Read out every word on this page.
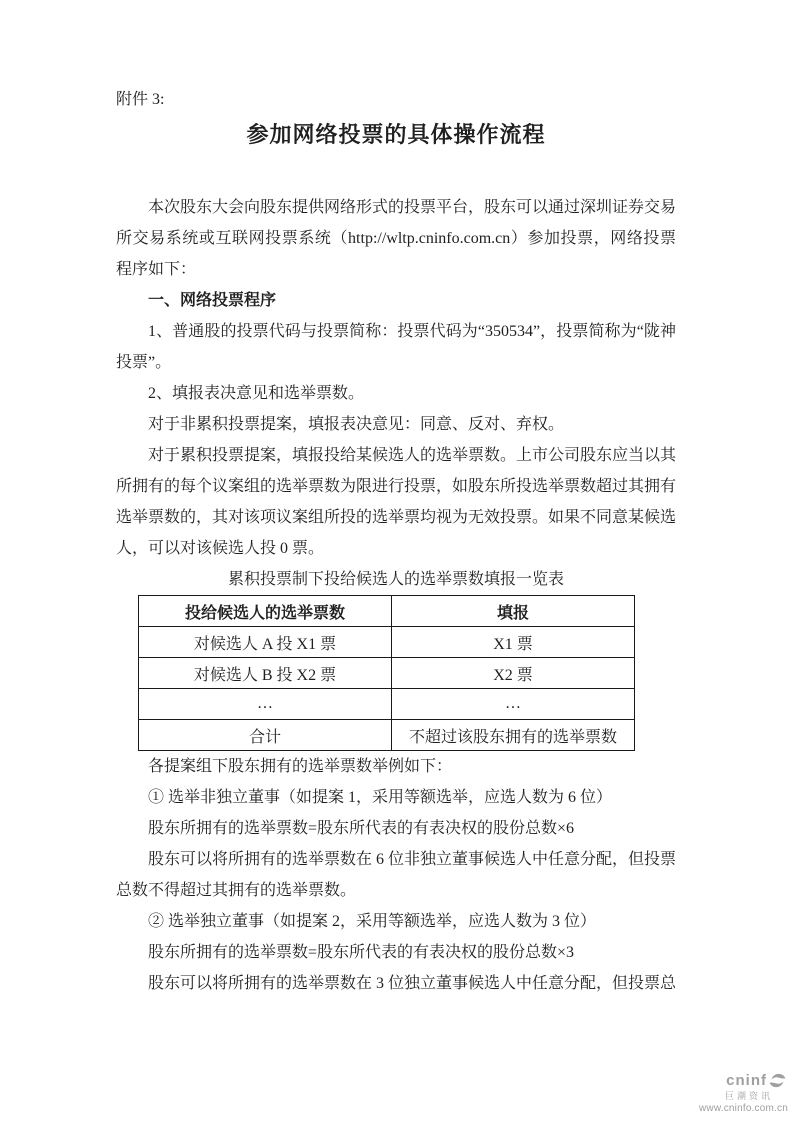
附件 3:
参加网络投票的具体操作流程

本次股东大会向股东提供网络形式的投票平台，股东可以通过深圳证券交易所交易系统或互联网投票系统（http://wltp.cninfo.com.cn）参加投票，网络投票程序如下：

一、网络投票程序

1、普通股的投票代码与投票简称：投票代码为“350534”，投票简称为“陇神投票”。

2、填报表决意见和选举票数。

对于非累积投票提案，填报表决意见：同意、反对、弃权。

对于累积投票提案，填报投给某候选人的选举票数。上市公司股东应当以其所拥有的每个议案组的选举票数为限进行投票，如股东所投选举票数超过其拥有选举票数的，其对该项议案组所投的选举票均视为无效投票。如果不同意某候选人，可以对该候选人投 0 票。

累积投票制下投给候选人的选举票数填报一览表
投给候选人的选举票数	填报
对候选人 A 投 X1 票	X1 票
对候选人 B 投 X2 票	X2 票
…	…
合计	不超过该股东拥有的选举票数

各提案组下股东拥有的选举票数举例如下：

① 选举非独立董事（如提案 1，采用等额选举，应选人数为 6 位）

股东所拥有的选举票数=股东所代表的有表决权的股份总数×6

股东可以将所拥有的选举票数在 6 位非独立董事候选人中任意分配，但投票总数不得超过其拥有的选举票数。

② 选举独立董事（如提案 2，采用等额选举，应选人数为 3 位）

股东所拥有的选举票数=股东所代表的有表决权的股份总数×3

股东可以将所拥有的选举票数在 3 位独立董事候选人中任意分配，但投票总

cninf
巨潮资讯
www.cninfo.com.cn
